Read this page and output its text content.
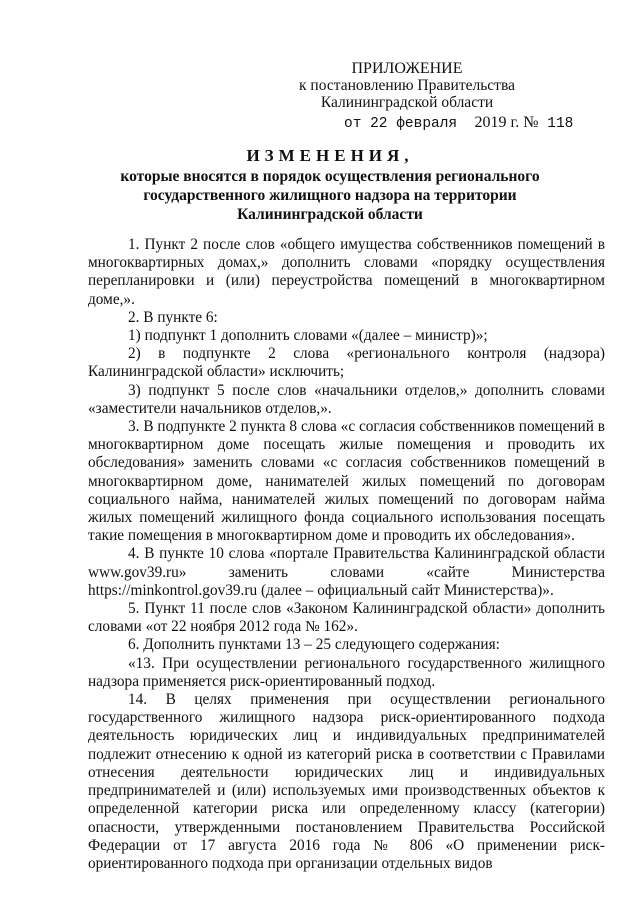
ПРИЛОЖЕНИЕ
к постановлению Правительства
Калининградской области
от 22 февраля 2019 г. № 118
ИЗМЕНЕНИЯ,
которые вносятся в порядок осуществления регионального
государственного жилищного надзора на территории
Калининградской области

1. Пункт 2 после слов «общего имущества собственников помещений в многоквартирных домах,» дополнить словами «порядку осуществления перепланировки и (или) переустройства помещений в многоквартирном доме,».

2. В пункте 6:

1) подпункт 1 дополнить словами «(далее – министр)»;

2) в подпункте 2 слова «регионального контроля (надзора) Калининградской области» исключить;

3) подпункт 5 после слов «начальники отделов,» дополнить словами «заместители начальников отделов,».

3. В подпункте 2 пункта 8 слова «с согласия собственников помещений в многоквартирном доме посещать жилые помещения и проводить их обследования» заменить словами «с согласия собственников помещений в многоквартирном доме, нанимателей жилых помещений по договорам социального найма, нанимателей жилых помещений по договорам найма жилых помещений жилищного фонда социального использования посещать такие помещения в многоквартирном доме и проводить их обследования».

4. В пункте 10 слова «портале Правительства Калининградской области www.gov39.ru» заменить словами «сайте Министерства https://minkontrol.gov39.ru (далее – официальный сайт Министерства)».

5. Пункт 11 после слов «Законом Калининградской области» дополнить словами «от 22 ноября 2012 года № 162».

6. Дополнить пунктами 13 – 25 следующего содержания:

«13. При осуществлении регионального государственного жилищного надзора применяется риск-ориентированный подход.

14. В целях применения при осуществлении регионального государственного жилищного надзора риск-ориентированного подхода деятельность юридических лиц и индивидуальных предпринимателей подлежит отнесению к одной из категорий риска в соответствии с Правилами отнесения деятельности юридических лиц и индивидуальных предпринимателей и (или) используемых ими производственных объектов к определенной категории риска или определенному классу (категории) опасности, утвержденными постановлением Правительства Российской Федерации от 17 августа 2016 года № 806 «О применении риск-ориентированного подхода при организации отдельных видов
